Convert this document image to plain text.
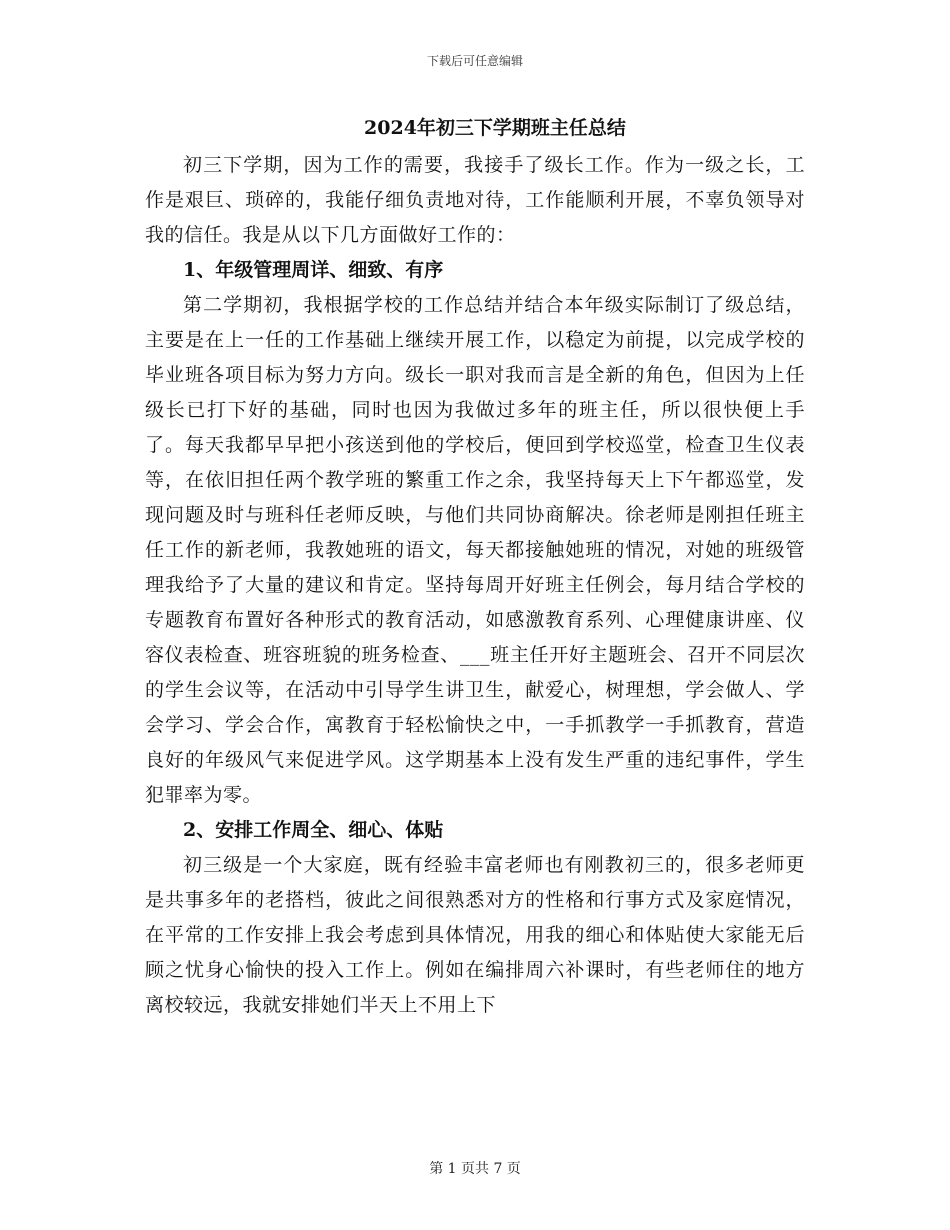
下载后可任意编辑
2024年初三下学期班主任总结

初三下学期，因为工作的需要，我接手了级长工作。作为一级之长，工作是艰巨、琐碎的，我能仔细负责地对待，工作能顺利开展，不辜负领导对我的信任。我是从以下几方面做好工作的：

1、年级管理周详、细致、有序

第二学期初，我根据学校的工作总结并结合本年级实际制订了级总结，主要是在上一任的工作基础上继续开展工作，以稳定为前提，以完成学校的毕业班各项目标为努力方向。级长一职对我而言是全新的角色，但因为上任级长已打下好的基础，同时也因为我做过多年的班主任，所以很快便上手了。每天我都早早把小孩送到他的学校后，便回到学校巡堂，检查卫生仪表等，在依旧担任两个教学班的繁重工作之余，我坚持每天上下午都巡堂，发现问题及时与班科任老师反映，与他们共同协商解决。徐老师是刚担任班主任工作的新老师，我教她班的语文，每天都接触她班的情况，对她的班级管理我给予了大量的建议和肯定。坚持每周开好班主任例会，每月结合学校的专题教育布置好各种形式的教育活动，如感激教育系列、心理健康讲座、仪容仪表检查、班容班貌的班务检查、___班主任开好主题班会、召开不同层次的学生会议等，在活动中引导学生讲卫生，献爱心，树理想，学会做人、学会学习、学会合作，寓教育于轻松愉快之中，一手抓教学一手抓教育，营造良好的年级风气来促进学风。这学期基本上没有发生严重的违纪事件，学生犯罪率为零。

2、安排工作周全、细心、体贴

初三级是一个大家庭，既有经验丰富老师也有刚教初三的，很多老师更是共事多年的老搭档，彼此之间很熟悉对方的性格和行事方式及家庭情况，在平常的工作安排上我会考虑到具体情况，用我的细心和体贴使大家能无后顾之忧身心愉快的投入工作上。例如在编排周六补课时，有些老师住的地方离校较远，我就安排她们半天上不用上下

第 1 页共 7 页
